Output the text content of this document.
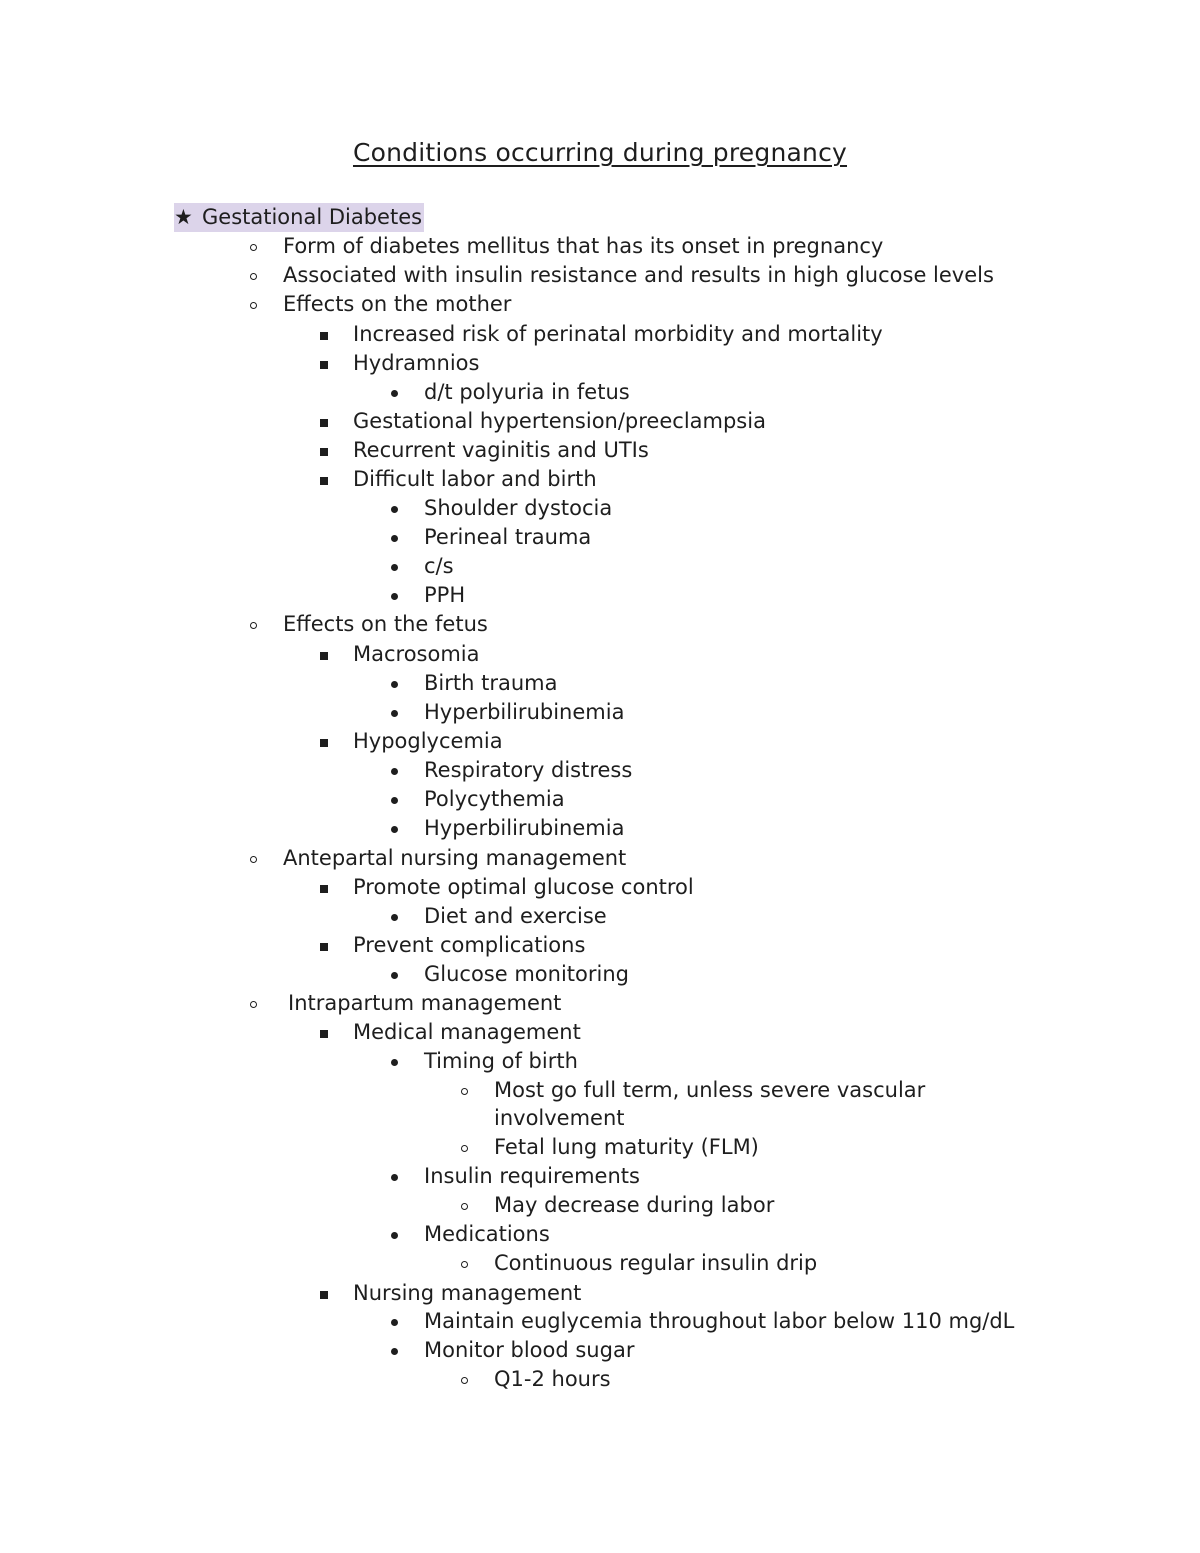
Conditions occurring during pregnancy
★ Gestational Diabetes
Form of diabetes mellitus that has its onset in pregnancy
Associated with insulin resistance and results in high glucose levels
Effects on the mother
Increased risk of perinatal morbidity and mortality
Hydramnios
d/t polyuria in fetus
Gestational hypertension/preeclampsia
Recurrent vaginitis and UTIs
Difficult labor and birth
Shoulder dystocia
Perineal trauma
c/s
PPH
Effects on the fetus
Macrosomia
Birth trauma
Hyperbilirubinemia
Hypoglycemia
Respiratory distress
Polycythemia
Hyperbilirubinemia
Antepartal nursing management
Promote optimal glucose control
Diet and exercise
Prevent complications
Glucose monitoring
Intrapartum management
Medical management
Timing of birth
Most go full term, unless severe vascular
involvement
Fetal lung maturity (FLM)
Insulin requirements
May decrease during labor
Medications
Continuous regular insulin drip
Nursing management
Maintain euglycemia throughout labor below 110 mg/dL
Monitor blood sugar
Q1-2 hours
